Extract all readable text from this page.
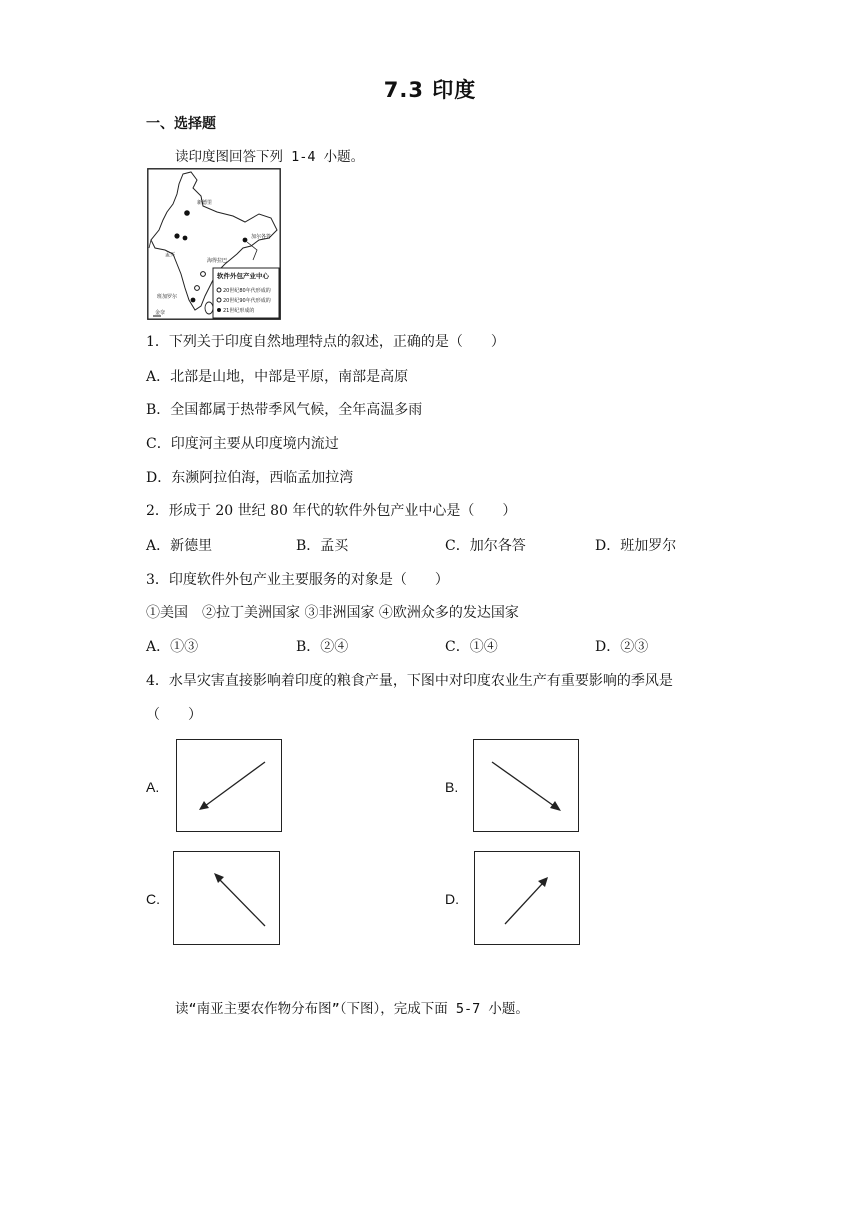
7.3 印度
一、选择题
读印度图回答下列 1-4 小题。
新德里
加尔各答
孟买
班加罗尔
海得拉巴
金奈
软件外包产业中心
20世纪80年代形成的
20世纪90年代形成的
21世纪形成的
1．下列关于印度自然地理特点的叙述，正确的是（　　）
A．北部是山地，中部是平原，南部是高原
B．全国都属于热带季风气候，全年高温多雨
C．印度河主要从印度境内流过
D．东濒阿拉伯海，西临孟加拉湾
2．形成于 20 世纪 80 年代的软件外包产业中心是（　　）
A．新德里	B．孟买	C．加尔各答	D．班加罗尔
3．印度软件外包产业主要服务的对象是（　　）
①美国　②拉丁美洲国家 ③非洲国家 ④欧洲众多的发达国家
A．①③	B．②④	C．①④	D．②③
4．水旱灾害直接影响着印度的粮食产量，下图中对印度农业生产有重要影响的季风是
（　　）
A.	B.
C.	D.
读“南亚主要农作物分布图”（下图），完成下面 5-7 小题。
